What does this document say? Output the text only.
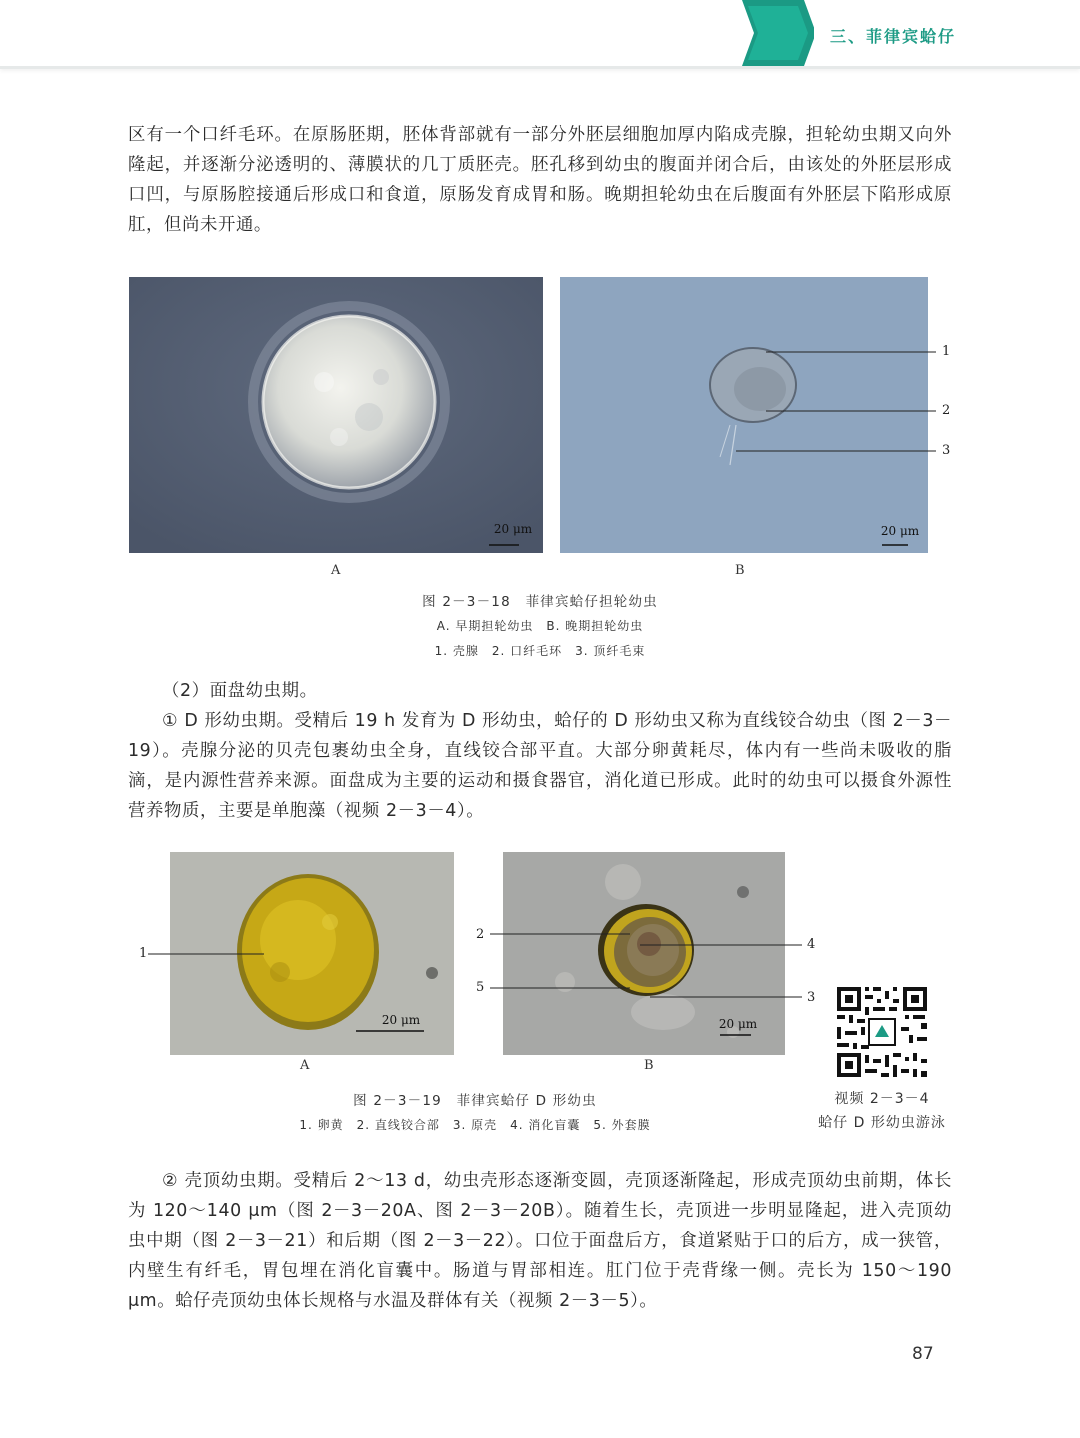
三、菲律宾蛤仔

区有一个口纤毛环。在原肠胚期，胚体背部就有一部分外胚层细胞加厚内陷成壳腺，担轮幼虫期又向外隆起，并逐渐分泌透明的、薄膜状的几丁质胚壳。胚孔移到幼虫的腹面并闭合后，由该处的外胚层形成口凹，与原肠腔接通后形成口和食道，原肠发育成胃和肠。晚期担轮幼虫在后腹面有外胚层下陷形成原肛，但尚未开通。

20 μm	20 μm
1
2
3
A	B
图 2－3－18　菲律宾蛤仔担轮幼虫
A. 早期担轮幼虫　B. 晚期担轮幼虫
1. 壳腺　2. 口纤毛环　3. 顶纤毛束

（2）面盘幼虫期。

① D 形幼虫期。受精后 19 h 发育为 D 形幼虫，蛤仔的 D 形幼虫又称为直线铰合幼虫（图 2－3－19）。壳腺分泌的贝壳包裹幼虫全身，直线铰合部平直。大部分卵黄耗尽，体内有一些尚未吸收的脂滴，是内源性营养来源。面盘成为主要的运动和摄食器官，消化道已形成。此时的幼虫可以摄食外源性营养物质，主要是单胞藻（视频 2－3－4）。

20 μm
1
20 μm
2
4
5
3
A	B
图 2－3－19　菲律宾蛤仔 D 形幼虫
1. 卵黄　2. 直线铰合部　3. 原壳　4. 消化盲囊　5. 外套膜
视频 2－3－4
蛤仔 D 形幼虫游泳

② 壳顶幼虫期。受精后 2～13 d，幼虫壳形态逐渐变圆，壳顶逐渐隆起，形成壳顶幼虫前期，体长为 120～140 μm（图 2－3－20A、图 2－3－20B）。随着生长，壳顶进一步明显隆起，进入壳顶幼虫中期（图 2－3－21）和后期（图 2－3－22）。口位于面盘后方，食道紧贴于口的后方，成一狭管，内壁生有纤毛，胃包埋在消化盲囊中。肠道与胃部相连。肛门位于壳背缘一侧。壳长为 150～190 μm。蛤仔壳顶幼虫体长规格与水温及群体有关（视频 2－3－5）。

87
